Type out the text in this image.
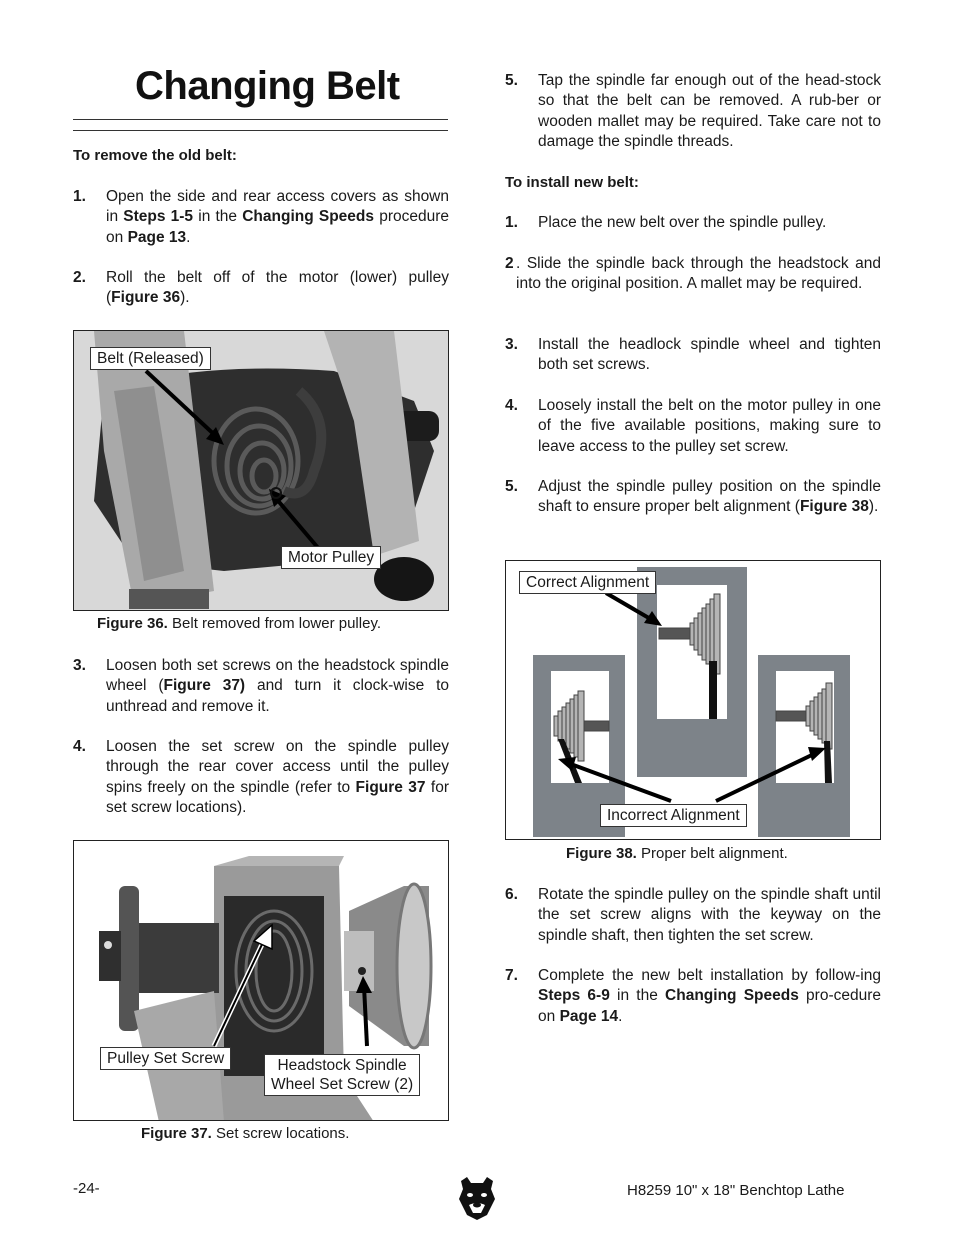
Changing Belt
To remove the old belt:
1. Open the side and rear access covers as shown in Steps 1-5 in the Changing Speeds procedure on Page 13.
2. Roll the belt off of the motor (lower) pulley (Figure 36).
Belt (Released)
Motor Pulley
Figure 36. Belt removed from lower pulley.
3. Loosen both set screws on the headstock spindle wheel (Figure 37) and turn it clock-wise to unthread and remove it.
4. Loosen the set screw on the spindle pulley through the rear cover access until the pulley spins freely on the spindle (refer to Figure 37 for set screw locations).
Pulley Set Screw	Headstock Spindle
Wheel Set Screw (2)
Figure 37. Set screw locations.
5. Tap the spindle far enough out of the head-stock so that the belt can be removed. A rub-ber or wooden mallet may be required. Take care not to damage the spindle threads.
To install new belt:
1. Place the new belt over the spindle pulley.
2 . Slide the spindle back through the headstock and into the original position. A mallet may be required.
3. Install the headlock spindle wheel and tighten both set screws.
4. Loosely install the belt on the motor pulley in one of the five available positions, making sure to leave access to the pulley set screw.
5. Adjust the spindle pulley position on the spindle shaft to ensure proper belt alignment (Figure 38).
Correct Alignment
Incorrect Alignment
Figure 38. Proper belt alignment.
6. Rotate the spindle pulley on the spindle shaft until the set screw aligns with the keyway on the spindle shaft, then tighten the set screw.
7. Complete the new belt installation by follow-ing Steps 6-9 in the Changing Speeds pro-cedure on Page 14.
-24-	H8259 10" x 18" Benchtop Lathe
